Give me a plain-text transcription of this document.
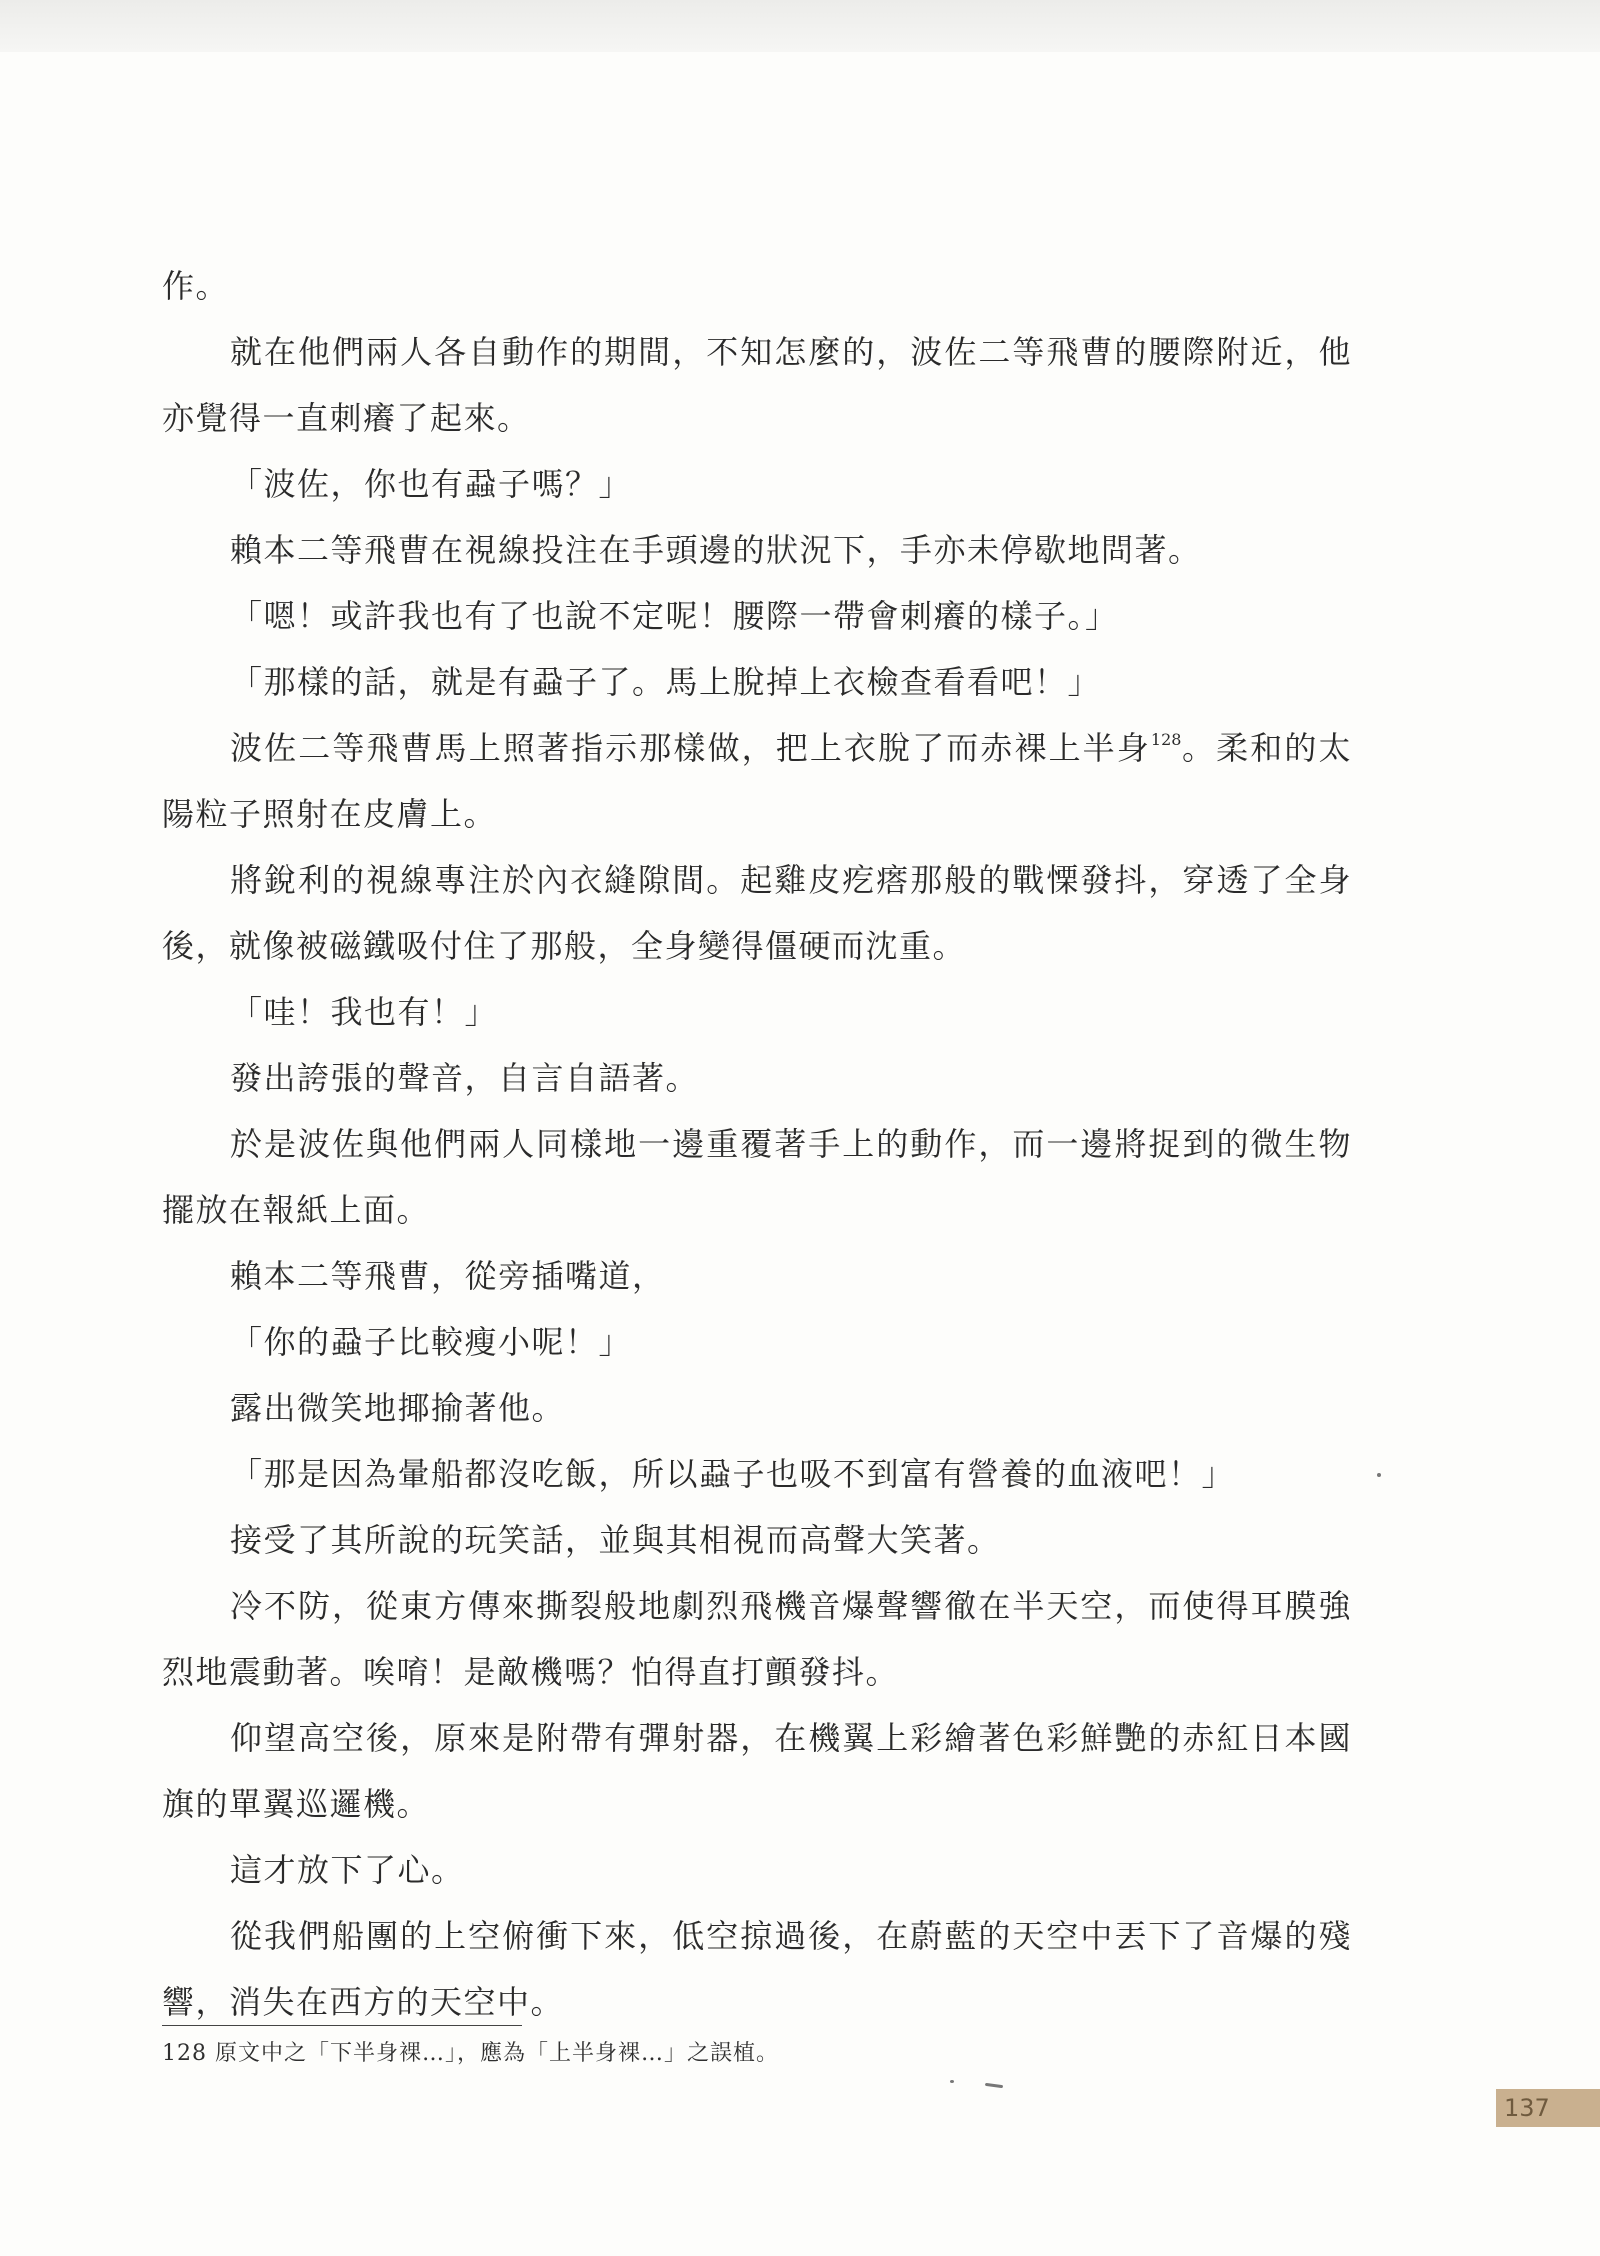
作。

就在他們兩人各自動作的期間，不知怎麼的，波佐二等飛曹的腰際附近，他亦覺得一直刺癢了起來。

「波佐，你也有蝨子嗎？」

賴本二等飛曹在視線投注在手頭邊的狀況下，手亦未停歇地問著。

「嗯！或許我也有了也說不定呢！腰際一帶會刺癢的樣子。」

「那樣的話，就是有蝨子了。馬上脫掉上衣檢查看看吧！」

波佐二等飛曹馬上照著指示那樣做，把上衣脫了而赤裸上半身$^{128}$。柔和的太陽粒子照射在皮膚上。

將銳利的視線專注於內衣縫隙間。起雞皮疙瘩那般的戰慄發抖，穿透了全身後，就像被磁鐵吸付住了那般，全身變得僵硬而沈重。

「哇！我也有！」

發出誇張的聲音，自言自語著。

於是波佐與他們兩人同樣地一邊重覆著手上的動作，而一邊將捉到的微生物擺放在報紙上面。

賴本二等飛曹，從旁插嘴道，

「你的蝨子比較瘦小呢！」

露出微笑地揶揄著他。

「那是因為暈船都沒吃飯，所以蝨子也吸不到富有營養的血液吧！」

接受了其所說的玩笑話，並與其相視而高聲大笑著。

冷不防，從東方傳來撕裂般地劇烈飛機音爆聲響徹在半天空，而使得耳膜強烈地震動著。唉唷！是敵機嗎？怕得直打顫發抖。

仰望高空後，原來是附帶有彈射器，在機翼上彩繪著色彩鮮艷的赤紅日本國旗的單翼巡邏機。

這才放下了心。

從我們船團的上空俯衝下來，低空掠過後，在蔚藍的天空中丟下了音爆的殘響，消失在西方的天空中。

128 原文中之「下半身裸…」，應為「上半身裸…」之誤植。
137
